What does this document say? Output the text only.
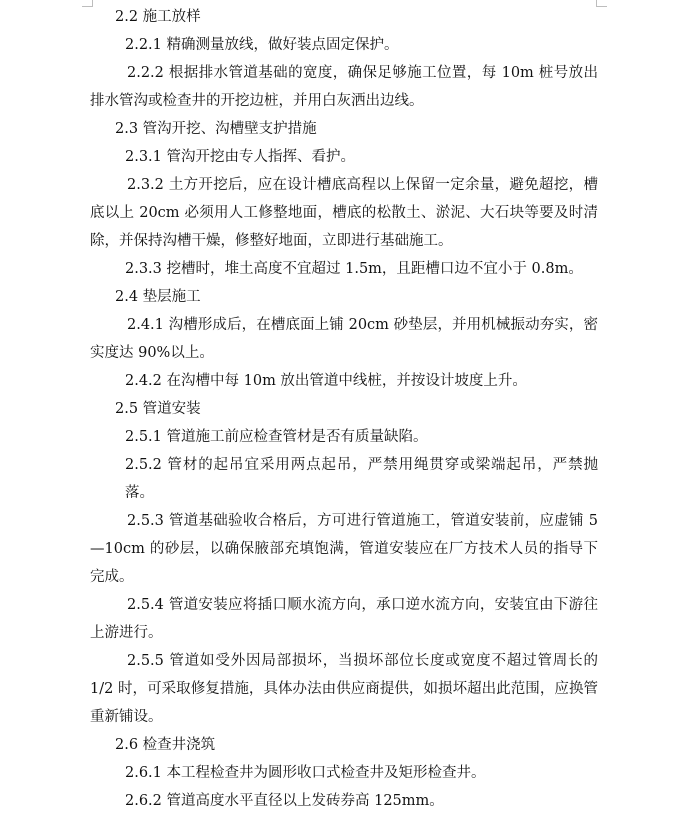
2.2 施工放样

2.2.1 精确测量放线，做好装点固定保护。

2.2.2 根据排水管道基础的宽度，确保足够施工位置，每 10m 桩号放出排水管沟或检查井的开挖边桩，并用白灰洒出边线。

2.3 管沟开挖、沟槽壁支护措施

2.3.1 管沟开挖由专人指挥、看护。

2.3.2 土方开挖后，应在设计槽底高程以上保留一定余量，避免超挖，槽底以上 20cm 必须用人工修整地面，槽底的松散土、淤泥、大石块等要及时清除，并保持沟槽干燥，修整好地面，立即进行基础施工。

2.3.3 挖槽时，堆土高度不宜超过 1.5m，且距槽口边不宜小于 0.8m。

2.4 垫层施工

2.4.1 沟槽形成后，在槽底面上铺 20cm 砂垫层，并用机械振动夯实，密实度达 90%以上。

2.4.2 在沟槽中每 10m 放出管道中线桩，并按设计坡度上升。

2.5 管道安装

2.5.1 管道施工前应检查管材是否有质量缺陷。

2.5.2 管材的起吊宜采用两点起吊，严禁用绳贯穿或梁端起吊，严禁抛落。

2.5.3 管道基础验收合格后，方可进行管道施工，管道安装前，应虚铺 5—10cm 的砂层，以确保腋部充填饱满，管道安装应在厂方技术人员的指导下完成。

2.5.4 管道安装应将插口顺水流方向，承口逆水流方向，安装宜由下游往上游进行。

2.5.5 管道如受外因局部损坏，当损坏部位长度或宽度不超过管周长的 1/2 时，可采取修复措施，具体办法由供应商提供，如损坏超出此范围，应换管重新铺设。

2.6 检查井浇筑

2.6.1 本工程检查井为圆形收口式检查井及矩形检查井。

2.6.2 管道高度水平直径以上发砖券高 125mm。
